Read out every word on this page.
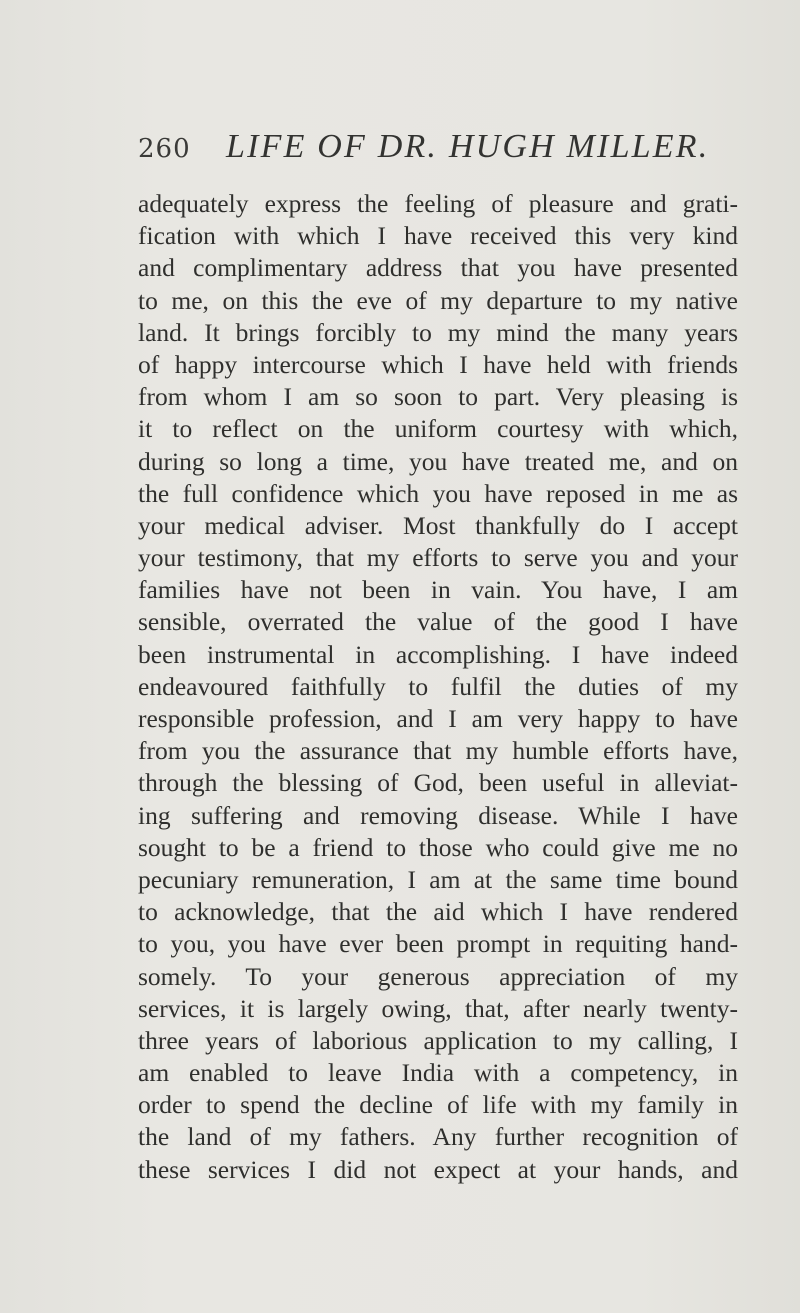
260 LIFE OF DR. HUGH MILLER.
adequately express the feeling of pleasure and grati-
fication with which I have received this very kind
and complimentary address that you have presented
to me, on this the eve of my departure to my native
land. It brings forcibly to my mind the many years
of happy intercourse which I have held with friends
from whom I am so soon to part. Very pleasing is
it to reflect on the uniform courtesy with which,
during so long a time, you have treated me, and on
the full confidence which you have reposed in me as
your medical adviser. Most thankfully do I accept
your testimony, that my efforts to serve you and your
families have not been in vain. You have, I am
sensible, overrated the value of the good I have
been instrumental in accomplishing. I have indeed
endeavoured faithfully to fulfil the duties of my
responsible profession, and I am very happy to have
from you the assurance that my humble efforts have,
through the blessing of God, been useful in alleviat-
ing suffering and removing disease. While I have
sought to be a friend to those who could give me no
pecuniary remuneration, I am at the same time bound
to acknowledge, that the aid which I have rendered
to you, you have ever been prompt in requiting hand-
somely. To your generous appreciation of my
services, it is largely owing, that, after nearly twenty-
three years of laborious application to my calling, I
am enabled to leave India with a competency, in
order to spend the decline of life with my family in
the land of my fathers. Any further recognition of
these services I did not expect at your hands, and
